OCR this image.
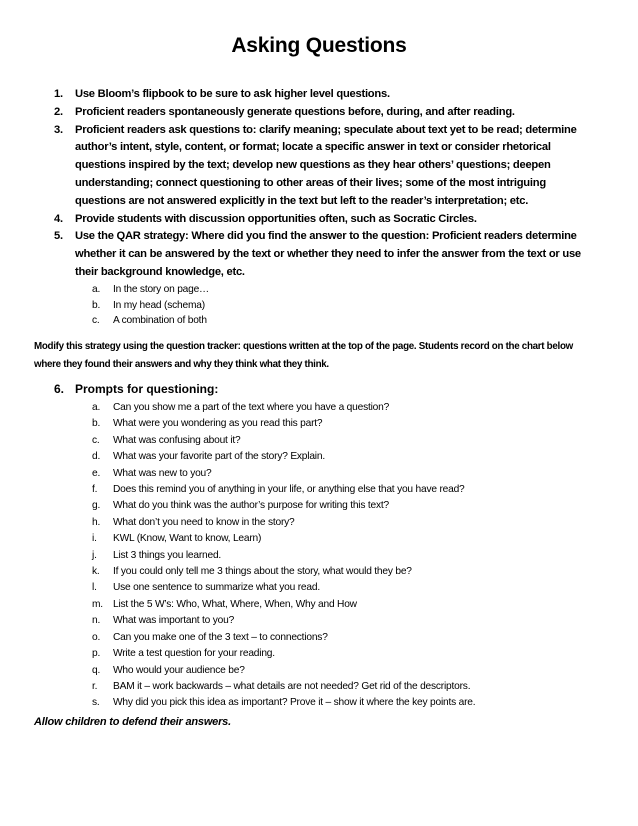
Asking Questions
1. Use Bloom’s flipbook to be sure to ask higher level questions.
2. Proficient readers spontaneously generate questions before, during, and after reading.
3. Proficient readers ask questions to: clarify meaning; speculate about text yet to be read; determine author’s intent, style, content, or format; locate a specific answer in text or consider rhetorical questions inspired by the text; develop new questions as they hear others’ questions; deepen understanding; connect questioning to other areas of their lives; some of the most intriguing questions are not answered explicitly in the text but left to the reader’s interpretation; etc.
4. Provide students with discussion opportunities often, such as Socratic Circles.
5. Use the QAR strategy: Where did you find the answer to the question: Proficient readers determine whether it can be answered by the text or whether they need to infer the answer from the text or use their background knowledge, etc.
a. In the story on page…
b. In my head (schema)
c. A combination of both
Modify this strategy using the question tracker: questions written at the top of the page. Students record on the chart below where they found their answers and why they think what they think.
6. Prompts for questioning:
a. Can you show me a part of the text where you have a question?
b. What were you wondering as you read this part?
c. What was confusing about it?
d. What was your favorite part of the story? Explain.
e. What was new to you?
f. Does this remind you of anything in your life, or anything else that you have read?
g. What do you think was the author’s purpose for writing this text?
h. What don’t you need to know in the story?
i. KWL (Know, Want to know, Learn)
j. List 3 things you learned.
k. If you could only tell me 3 things about the story, what would they be?
l. Use one sentence to summarize what you read.
m. List the 5 W’s: Who, What, Where, When, Why and How
n. What was important to you?
o. Can you make one of the 3 text – to connections?
p. Write a test question for your reading.
q. Who would your audience be?
r. BAM it – work backwards – what details are not needed? Get rid of the descriptors.
s. Why did you pick this idea as important? Prove it – show it where the key points are.
Allow children to defend their answers.
